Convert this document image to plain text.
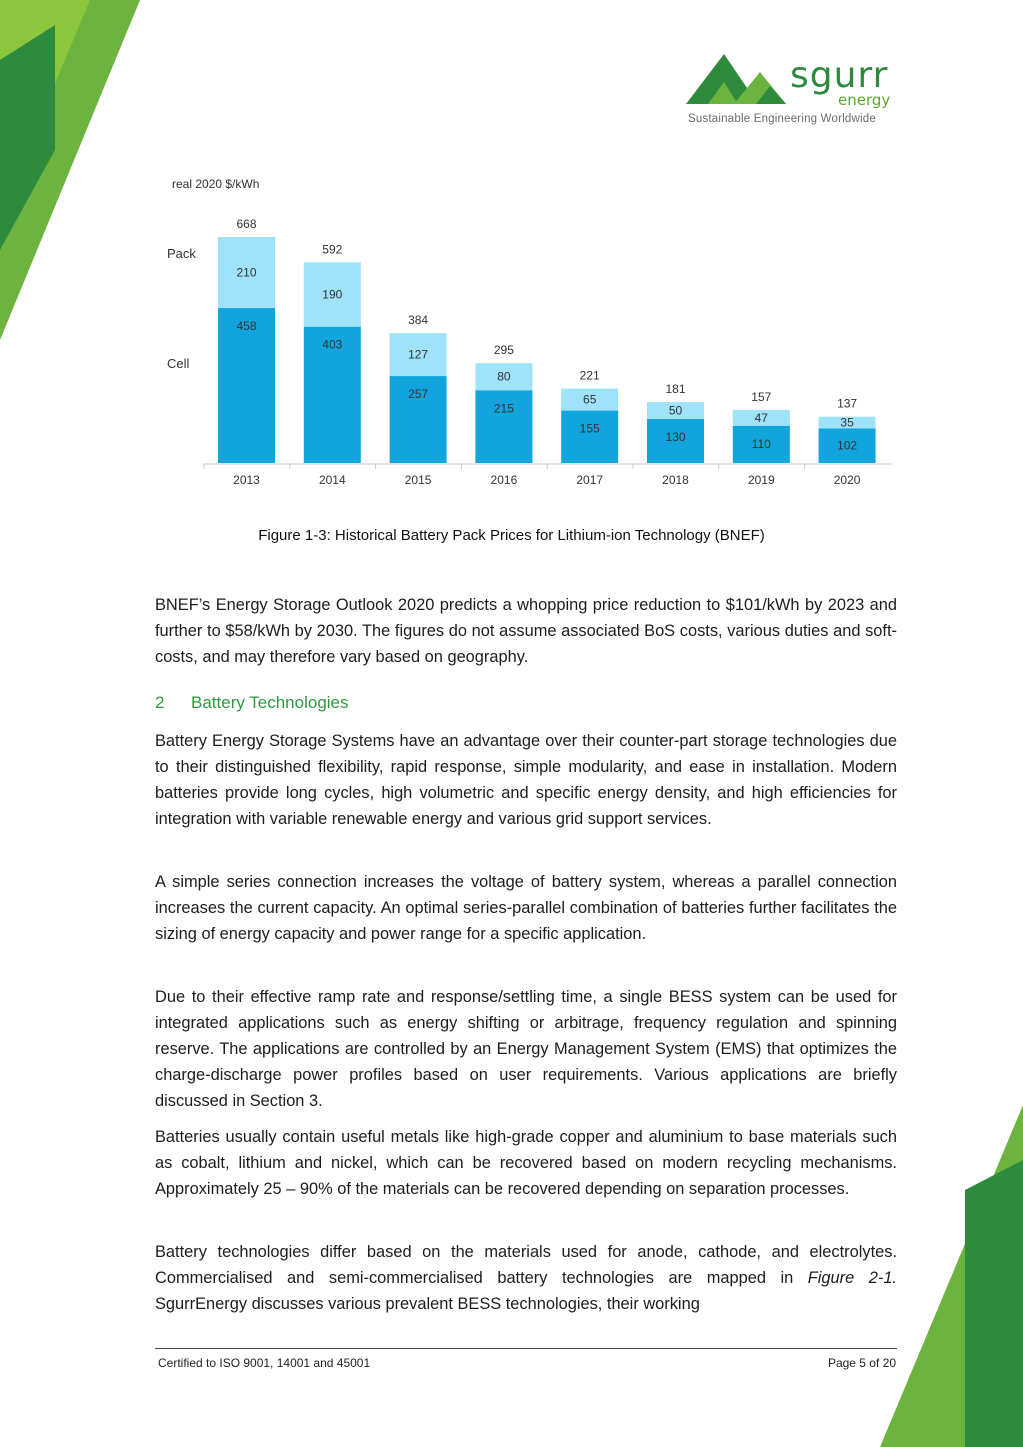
sgurr
energy
Sustainable Engineering Worldwide
real 2020 $/kWh
Pack
Cell
458
210
668
2013
403
190
592
2014
257
127
384
2015
215
80
295
2016
155
65
221
2017
130
50
181
2018
110
47
157
2019
102
35
137
2020
Figure 1-3: Historical Battery Pack Prices for Lithium-ion Technology (BNEF)

BNEF’s Energy Storage Outlook 2020 predicts a whopping price reduction to $101/kWh by 2023 and further to $58/kWh by 2030. The figures do not assume associated BoS costs, various duties and soft-costs, and may therefore vary based on geography.

2 Battery Technologies

Battery Energy Storage Systems have an advantage over their counter-part storage technologies due to their distinguished flexibility, rapid response, simple modularity, and ease in installation. Modern batteries provide long cycles, high volumetric and specific energy density, and high efficiencies for integration with variable renewable energy and various grid support services.

A simple series connection increases the voltage of battery system, whereas a parallel connection increases the current capacity. An optimal series-parallel combination of batteries further facilitates the sizing of energy capacity and power range for a specific application.

Due to their effective ramp rate and response/settling time, a single BESS system can be used for integrated applications such as energy shifting or arbitrage, frequency regulation and spinning reserve. The applications are controlled by an Energy Management System (EMS) that optimizes the charge-discharge power profiles based on user requirements. Various applications are briefly discussed in Section 3.

Batteries usually contain useful metals like high-grade copper and aluminium to base materials such as cobalt, lithium and nickel, which can be recovered based on modern recycling mechanisms. Approximately 25 – 90% of the materials can be recovered depending on separation processes.

Battery technologies differ based on the materials used for anode, cathode, and electrolytes. Commercialised and semi-commercialised battery technologies are mapped in Figure 2-1. SgurrEnergy discusses various prevalent BESS technologies, their working

Certified to ISO 9001, 14001 and 45001	Page 5 of 20
